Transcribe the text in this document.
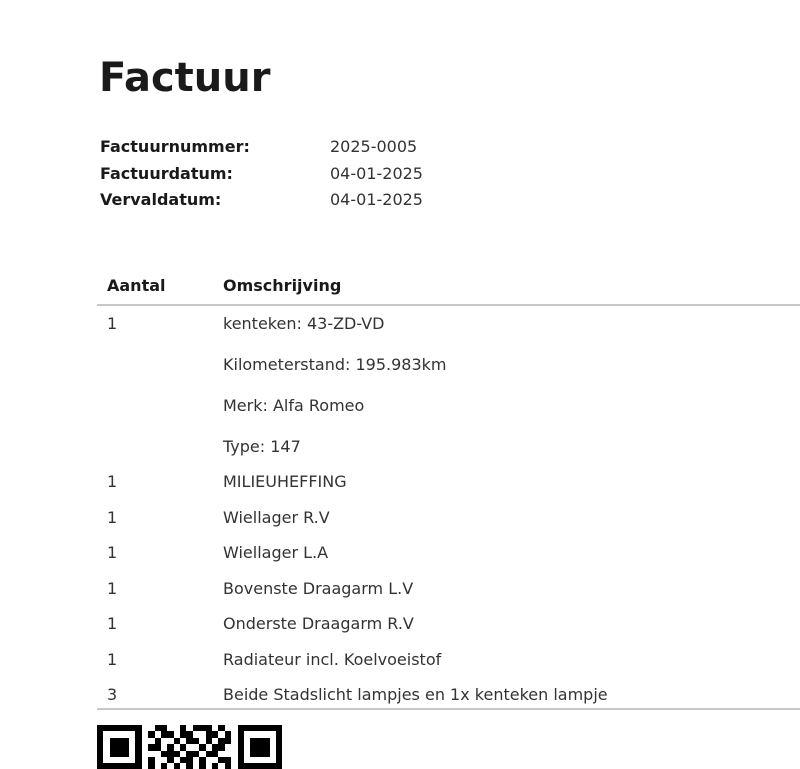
Factuur
Factuurnummer:	2025-0005
Factuurdatum:	04-01-2025
Vervaldatum:	04-01-2025
Aantal	Omschrijving
1	kenteken: 43-ZD-VD

Kilometerstand: 195.983km

Merk: Alfa Romeo

Type: 147

1	MILIEUHEFFING

1	Wiellager R.V

1	Wiellager L.A

1	Bovenste Draagarm L.V

1	Onderste Draagarm R.V

1	Radiateur incl. Koelvoeistof

3	Beide Stadslicht lampjes en 1x kenteken lampje
